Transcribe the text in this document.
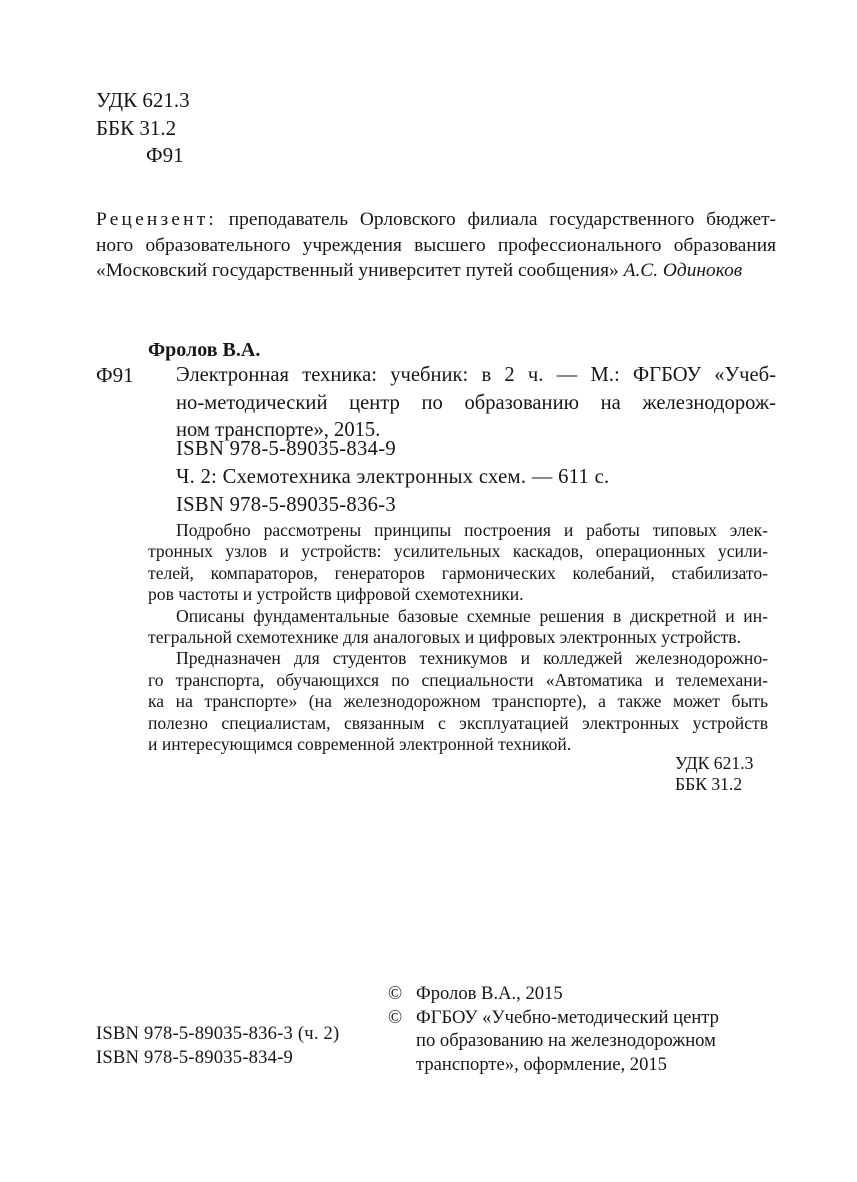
УДК 621.3
ББК 31.2
Ф91
Рецензент: преподаватель Орловского филиала государственного бюджет-
ного образовательного учреждения высшего профессионального образования
«Московский государственный университет путей сообщения» А.С. Одиноков
Фролов В.А.
Ф91 Электронная техника: учебник: в 2 ч. — М.: ФГБОУ «Учеб-
но-методический центр по образованию на железнодорож-
ном транспорте», 2015.
ISBN 978-5-89035-834-9
Ч. 2: Схемотехника электронных схем. — 611 с.
ISBN 978-5-89035-836-3
Подробно рассмотрены принципы построения и работы типовых элек-
тронных узлов и устройств: усилительных каскадов, операционных усили-
телей, компараторов, генераторов гармонических колебаний, стабилизато-
ров частоты и устройств цифровой схемотехники.
Описаны фундаментальные базовые схемные решения в дискретной и ин-
тегральной схемотехнике для аналоговых и цифровых электронных устройств.
Предназначен для студентов техникумов и колледжей железнодорожно-
го транспорта, обучающихся по специальности «Автоматика и телемехани-
ка на транспорте» (на железнодорожном транспорте), а также может быть
полезно специалистам, связанным с эксплуатацией электронных устройств
и интересующимся современной электронной техникой.
УДК 621.3
ББК 31.2
ISBN 978-5-89035-836-3 (ч. 2)
ISBN 978-5-89035-834-9
© Фролов В.А., 2015
© ФГБОУ «Учебно-методический центр
по образованию на железнодорожном
транспорте», оформление, 2015
